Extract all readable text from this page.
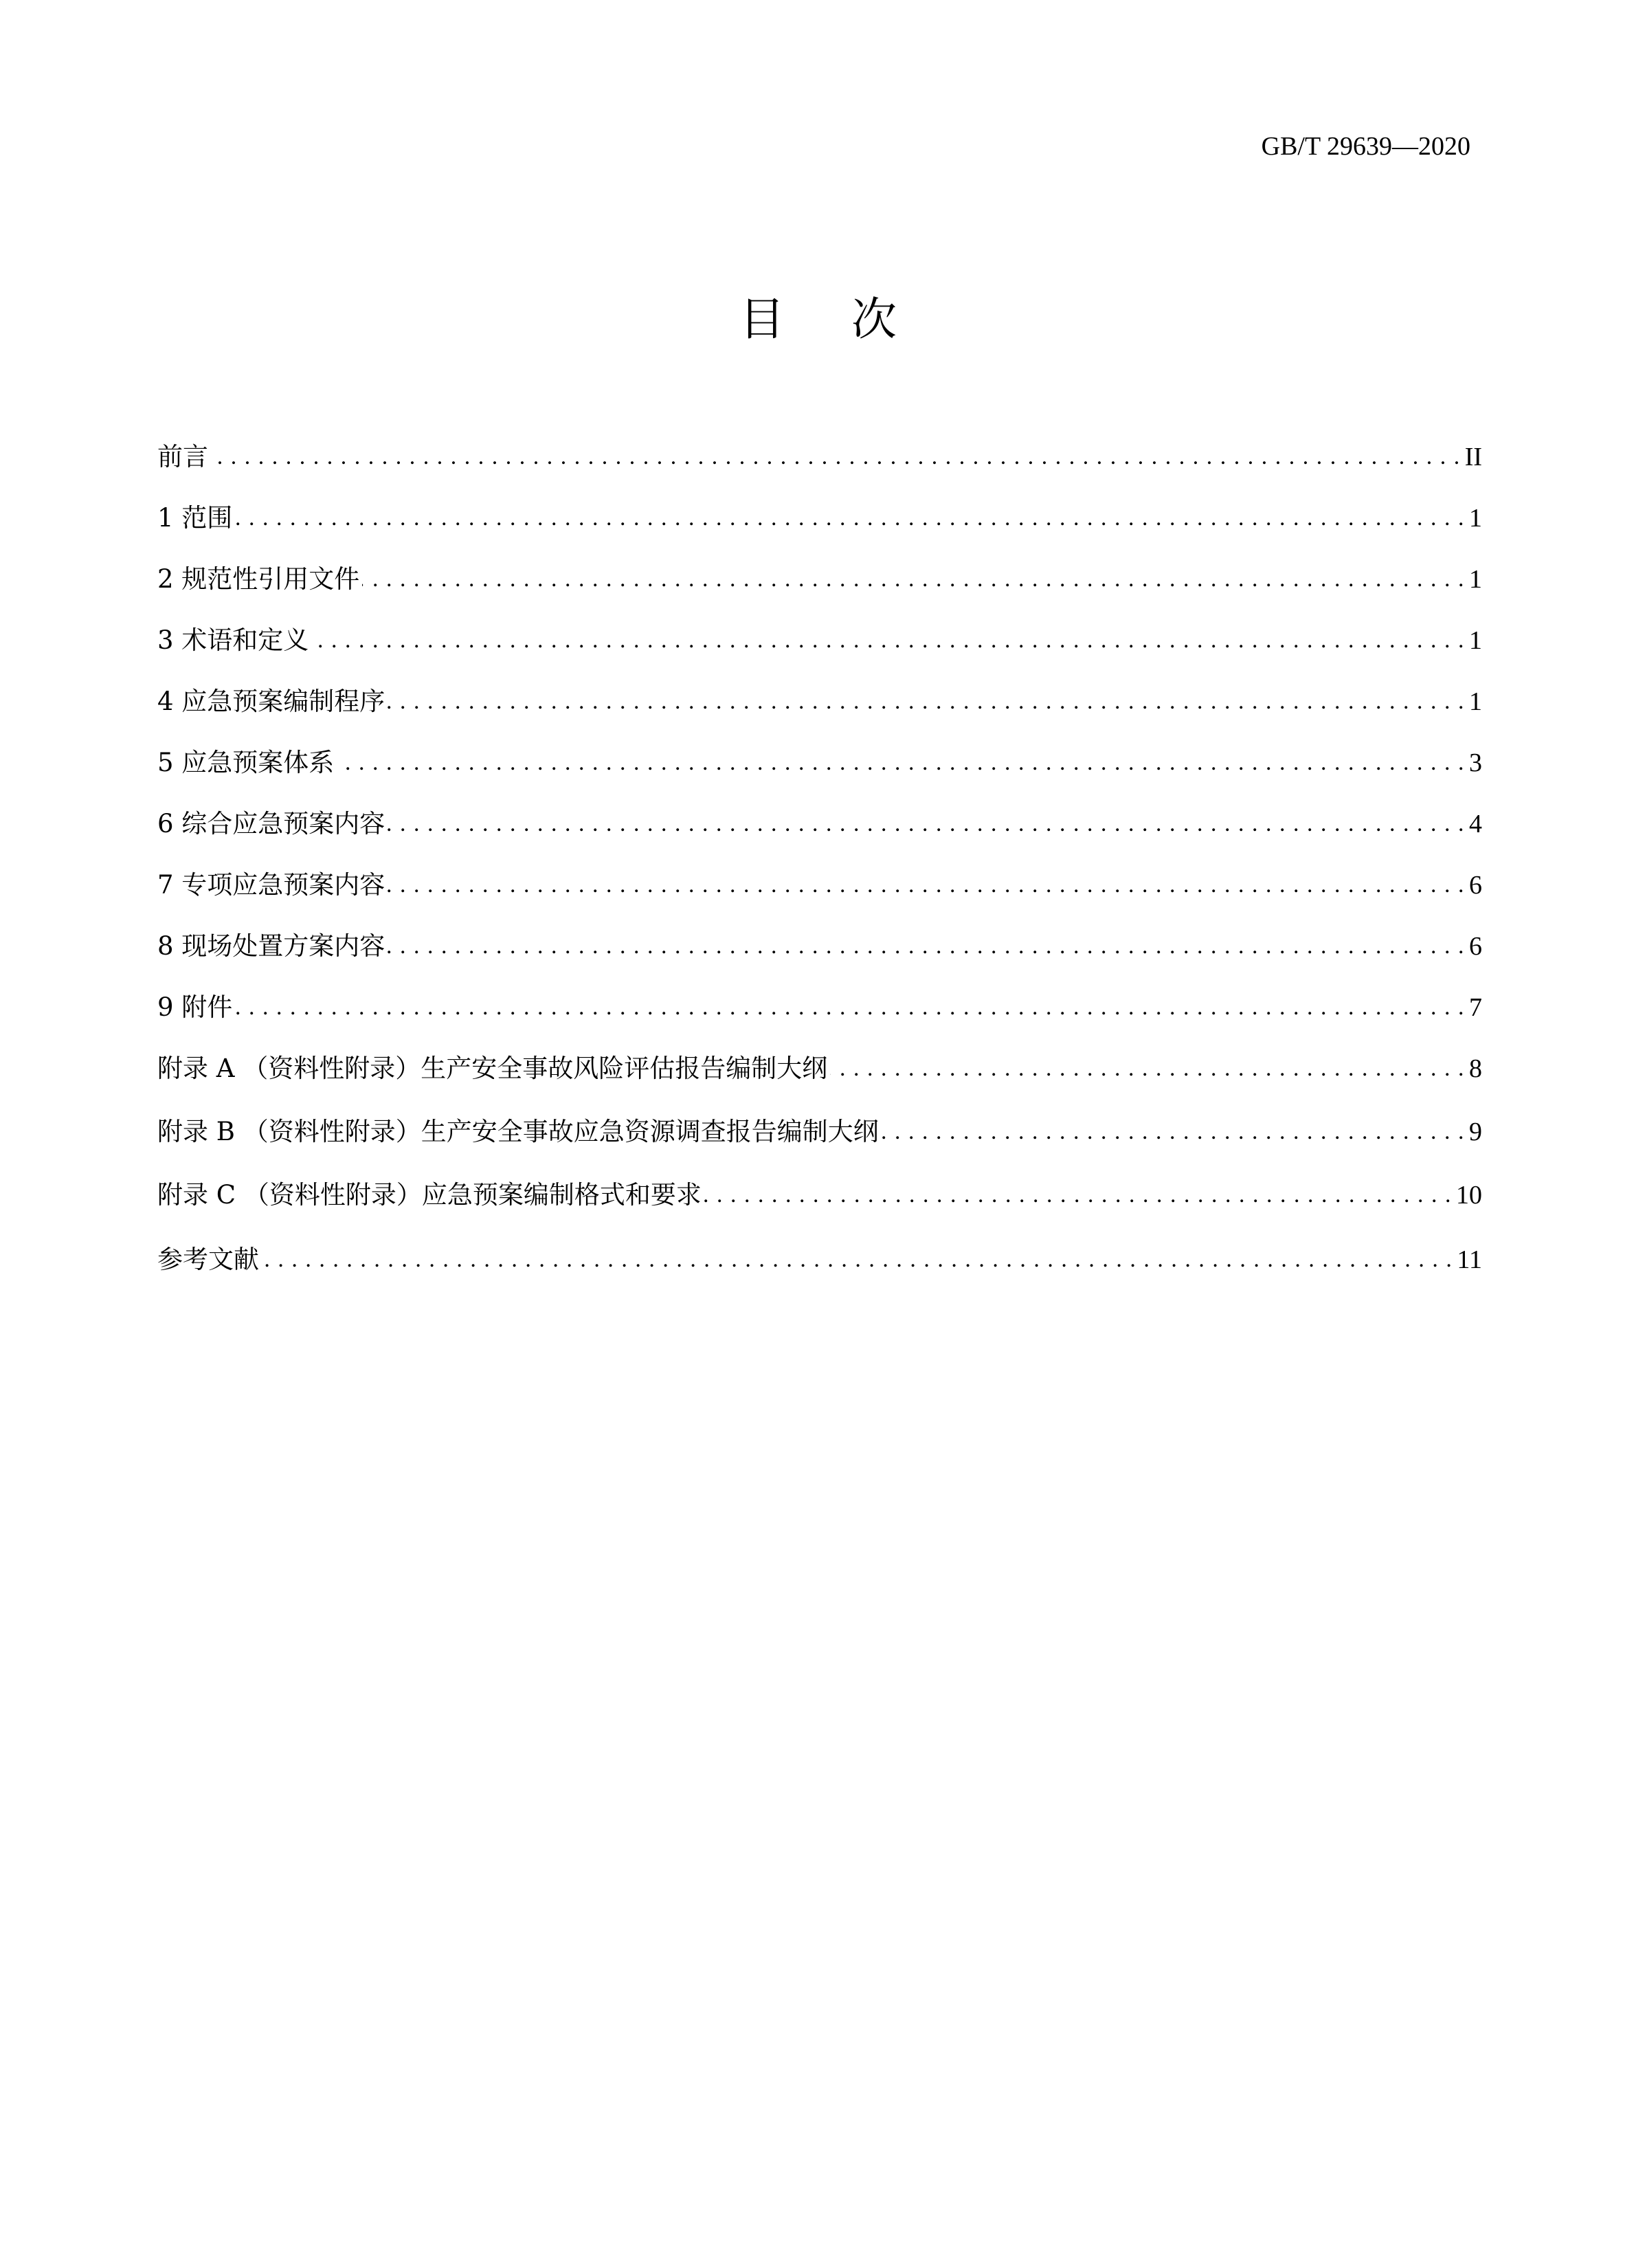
GB/T 29639—2020
目 次
前言 . . .	II
1 范围 . . .	1
2 规范性引用文件 . . .	1
3 术语和定义 . . .	1
4 应急预案编制程序 . . .	1
5 应急预案体系 . . .	3
6 综合应急预案内容 . . .	4
7 专项应急预案内容 . . .	6
8 现场处置方案内容 . . .	6
9 附件 . . .	7
附录 A （资料性附录）生产安全事故风险评估报告编制大纲 . . .	8
附录 B （资料性附录）生产安全事故应急资源调查报告编制大纲 . . .	9
附录 C （资料性附录）应急预案编制格式和要求 . . .	10
参考文献 . . .	11
